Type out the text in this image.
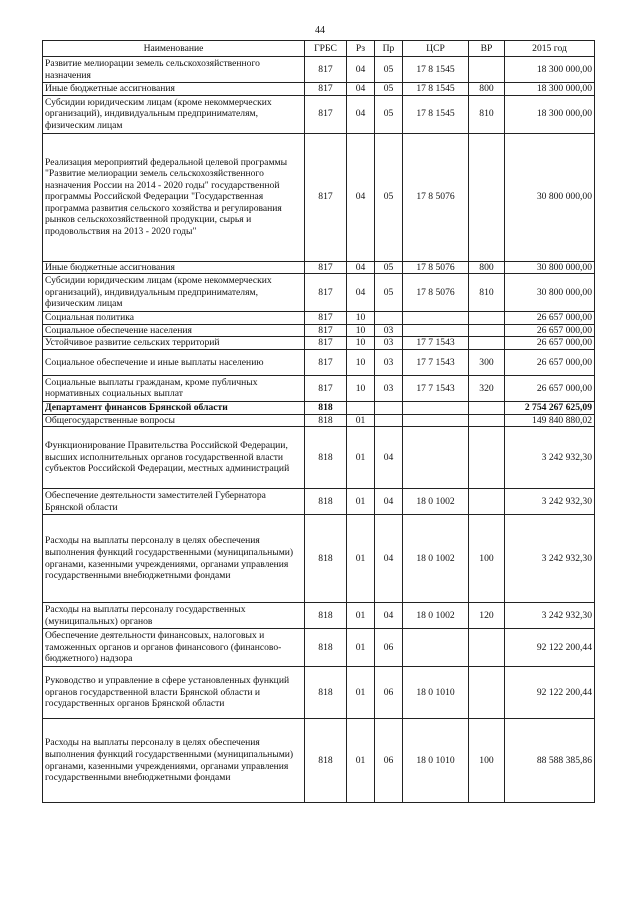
44
Наименование	ГРБС	Рз	Пр	ЦСР	ВР	2015 год
Развитие мелиорации земель сельскохозяйственного назначения	817	04	05	17 8 1545		18 300 000,00
Иные бюджетные ассигнования	817	04	05	17 8 1545	800	18 300 000,00
Субсидии юридическим лицам (кроме некоммерческих организаций), индивидуальным предпринимателям, физическим лицам	817	04	05	17 8 1545	810	18 300 000,00
Реализация мероприятий федеральной целевой программы "Развитие мелиорации земель сельскохозяйственного назначения России на 2014 - 2020 годы" государственной программы Российской Федерации "Государственная программа развития сельского хозяйства и регулирования рынков сельскохозяйственной продукции, сырья и продовольствия на 2013 - 2020 годы"	817	04	05	17 8 5076		30 800 000,00
Иные бюджетные ассигнования	817	04	05	17 8 5076	800	30 800 000,00
Субсидии юридическим лицам (кроме некоммерческих организаций), индивидуальным предпринимателям, физическим лицам	817	04	05	17 8 5076	810	30 800 000,00
Социальная политика	817	10				26 657 000,00
Социальное обеспечение населения	817	10	03			26 657 000,00
Устойчивое развитие сельских территорий	817	10	03	17 7 1543		26 657 000,00
Социальное обеспечение и иные выплаты населению	817	10	03	17 7 1543	300	26 657 000,00
Социальные выплаты гражданам, кроме публичных нормативных социальных выплат	817	10	03	17 7 1543	320	26 657 000,00
Департамент финансов Брянской области	818					2 754 267 625,09
Общегосударственные вопросы	818	01				149 840 880,02
Функционирование Правительства Российской Федерации, высших исполнительных органов государственной власти субъектов Российской Федерации, местных администраций	818	01	04			3 242 932,30
Обеспечение деятельности заместителей Губернатора Брянской области	818	01	04	18 0 1002		3 242 932,30
Расходы на выплаты персоналу в целях обеспечения выполнения функций государственными (муниципальными) органами, казенными учреждениями, органами управления государственными внебюджетными фондами	818	01	04	18 0 1002	100	3 242 932,30
Расходы на выплаты персоналу государственных (муниципальных) органов	818	01	04	18 0 1002	120	3 242 932,30
Обеспечение деятельности финансовых, налоговых и таможенных органов и органов финансового (финансово-бюджетного) надзора	818	01	06			92 122 200,44
Руководство и управление в сфере установленных функций органов государственной власти Брянской области и государственных органов Брянской области	818	01	06	18 0 1010		92 122 200,44
Расходы на выплаты персоналу в целях обеспечения выполнения функций государственными (муниципальными) органами, казенными учреждениями, органами управления государственными внебюджетными фондами	818	01	06	18 0 1010	100	88 588 385,86
